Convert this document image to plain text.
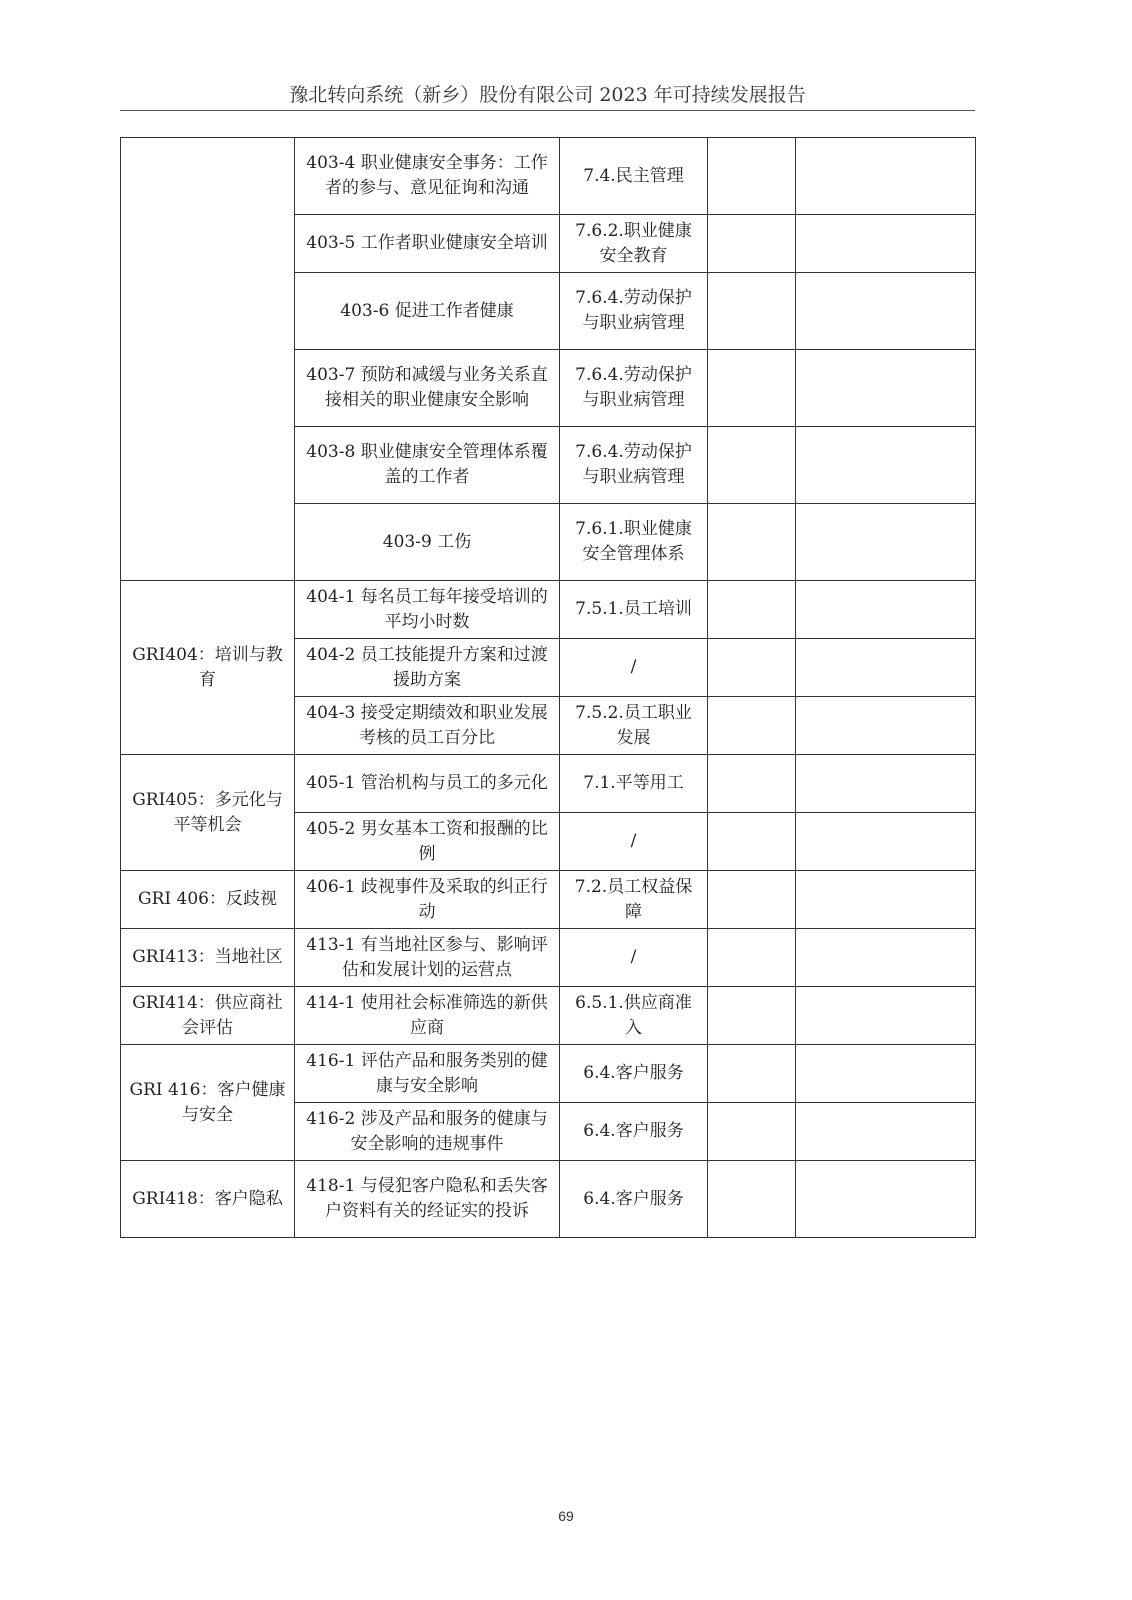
豫北转向系统（新乡）股份有限公司 2023 年可持续发展报告
	403-4 职业健康安全事务：工作者的参与、意见征询和沟通	7.4.民主管理		
	403-5 工作者职业健康安全培训	7.6.2.职业健康安全教育		
	403-6 促进工作者健康	7.6.4.劳动保护与职业病管理		
	403-7 预防和减缓与业务关系直接相关的职业健康安全影响	7.6.4.劳动保护与职业病管理		
	403-8 职业健康安全管理体系覆盖的工作者	7.6.4.劳动保护与职业病管理		
	403-9 工伤	7.6.1.职业健康安全管理体系		
GRI404：培训与教育	404-1 每名员工每年接受培训的平均小时数	7.5.1.员工培训		
	404-2 员工技能提升方案和过渡援助方案	/		
	404-3 接受定期绩效和职业发展考核的员工百分比	7.5.2.员工职业发展		
GRI405：多元化与平等机会	405-1 管治机构与员工的多元化	7.1.平等用工		
	405-2 男女基本工资和报酬的比例	/		
GRI 406：反歧视	406-1 歧视事件及采取的纠正行动	7.2.员工权益保障		
GRI413：当地社区	413-1 有当地社区参与、影响评估和发展计划的运营点	/		
GRI414：供应商社会评估	414-1 使用社会标准筛选的新供应商	6.5.1.供应商准入		
GRI 416：客户健康与安全	416-1 评估产品和服务类别的健康与安全影响	6.4.客户服务		
	416-2 涉及产品和服务的健康与安全影响的违规事件	6.4.客户服务		
GRI418：客户隐私	418-1 与侵犯客户隐私和丢失客户资料有关的经证实的投诉	6.4.客户服务		
69
